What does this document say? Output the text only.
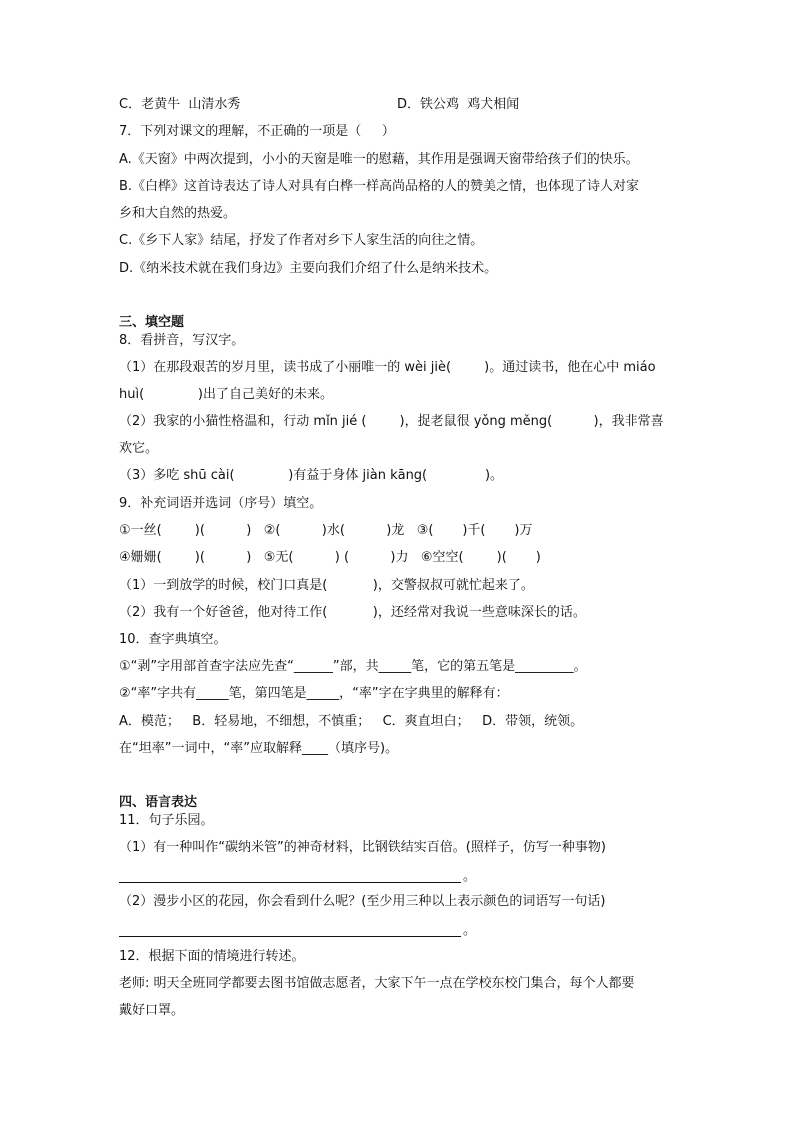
C．老黄牛  山清水秀	D．铁公鸡  鸡犬相闻
7．下列对课文的理解，不正确的一项是（     ）
A.《天窗》中两次提到，小小的天窗是唯一的慰藉，其作用是强调天窗带给孩子们的快乐。
B.《白桦》这首诗表达了诗人对具有白桦一样高尚品格的人的赞美之情，也体现了诗人对家
乡和大自然的热爱。
C.《乡下人家》结尾，抒发了作者对乡下人家生活的向往之情。
D.《纳米技术就在我们身边》主要向我们介绍了什么是纳米技术。
三、填空题
8．看拼音，写汉字。
（1）在那段艰苦的岁月里，读书成了小丽唯一的 wèi jiè(        )。通过读书，他在心中 miáo
huì(             )出了自己美好的未来。
（2）我家的小猫性格温和，行动 mǐn jié (        )，捉老鼠很 yǒng měng(          )，我非常喜
欢它。
（3）多吃 shū cài(             )有益于身体 jiàn kāng(              )。
9．补充词语并选词（序号）填空。
①一丝(        )(          )   ②(          )水(          )龙   ③(       )千(       )万
④姗姗(        )(          )   ⑤无(          ) (          )力   ⑥空空(        )(       )
（1）一到放学的时候，校门口真是(           )，交警叔叔可就忙起来了。
（2）我有一个好爸爸，他对待工作(           )，还经常对我说一些意味深长的话。
10．查字典填空。
①“剥”字用部首查字法应先查“______”部，共_____笔，它的第五笔是_________。
②“率”字共有_____笔，第四笔是_____，“率”字在字典里的解释有：
A．模范；   B．轻易地，不细想，不慎重；   C．爽直坦白；   D．带领，统领。
在“坦率”一词中，“率”应取解释____（填序号)。
四、语言表达
11．句子乐园。
（1）有一种叫作“碳纳米管”的神奇材料，比钢铁结实百倍。(照样子，仿写一种事物)
。
（2）漫步小区的花园，你会看到什么呢？(至少用三种以上表示颜色的词语写一句话)
。
12．根据下面的情境进行转述。
老师: 明天全班同学都要去图书馆做志愿者，大家下午一点在学校东校门集合，每个人都要
戴好口罩。
